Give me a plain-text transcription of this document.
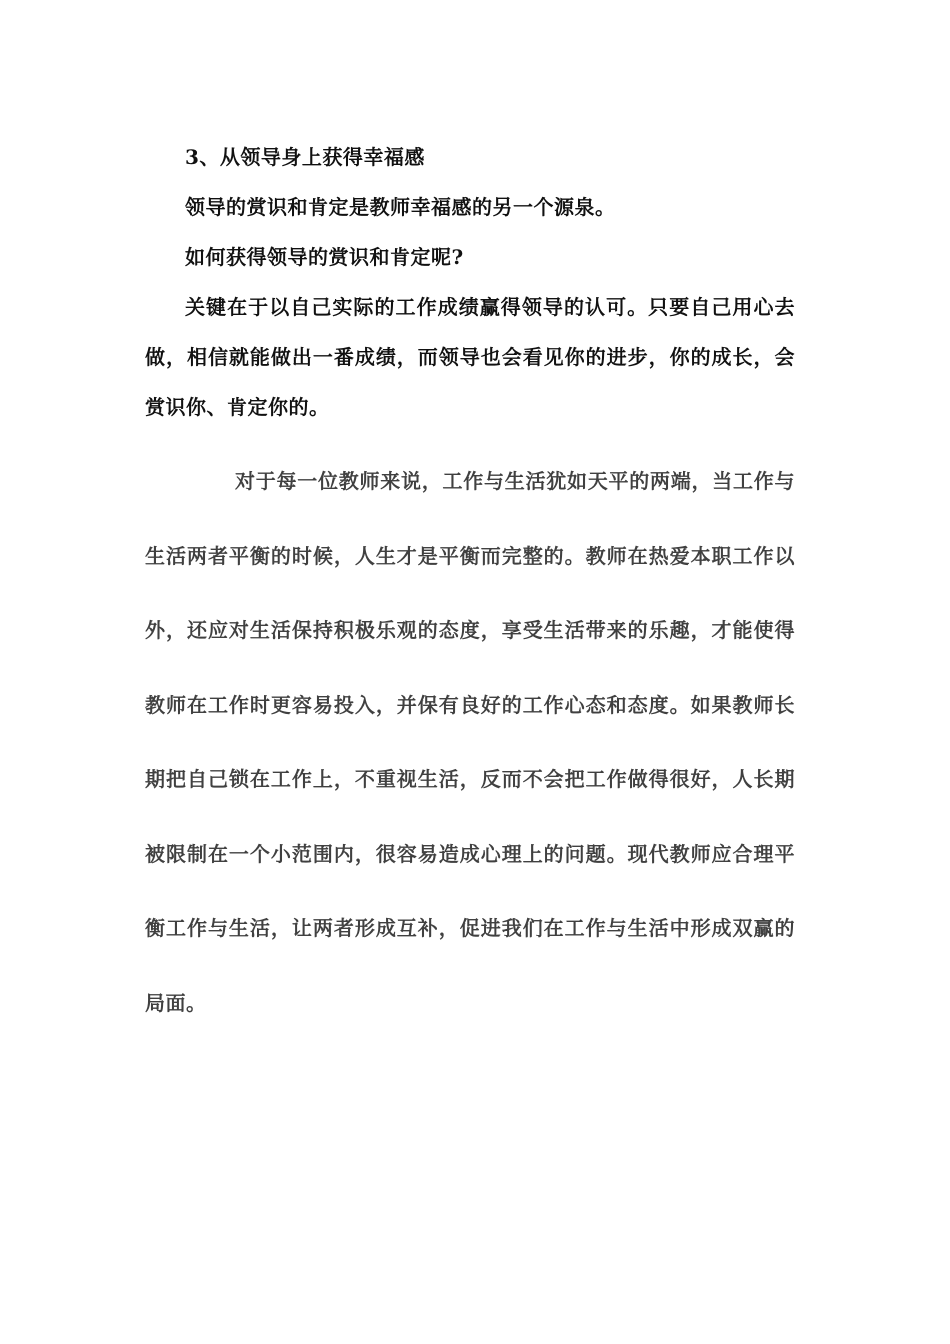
3、从领导身上获得幸福感

领导的赏识和肯定是教师幸福感的另一个源泉。

如何获得领导的赏识和肯定呢?

关键在于以自己实际的工作成绩赢得领导的认可。只要自己用心去做，相信就能做出一番成绩，而领导也会看见你的进步，你的成长，会赏识你、肯定你的。

对于每一位教师来说，工作与生活犹如天平的两端，当工作与生活两者平衡的时候，人生才是平衡而完整的。教师在热爱本职工作以外，还应对生活保持积极乐观的态度，享受生活带来的乐趣，才能使得教师在工作时更容易投入，并保有良好的工作心态和态度。如果教师长期把自己锁在工作上，不重视生活，反而不会把工作做得很好，人长期被限制在一个小范围内，很容易造成心理上的问题。现代教师应合理平衡工作与生活，让两者形成互补，促进我们在工作与生活中形成双赢的局面。
